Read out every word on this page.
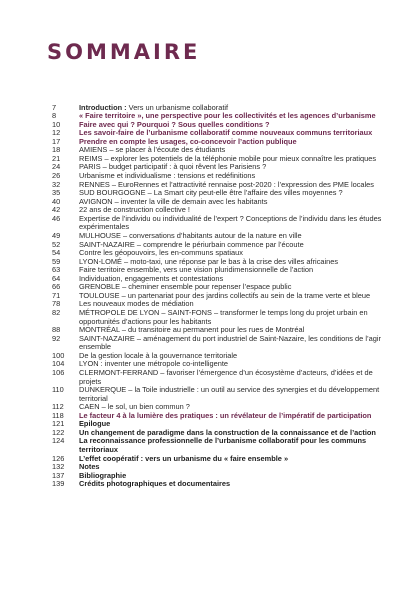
SOMMAIRE
7	Introduction : Vers un urbanisme collaboratif
8	« Faire territoire », une perspective pour les collectivités et les agences d’urbanisme
10	Faire avec qui ? Pourquoi ? Sous quelles conditions ?
12	Les savoir-faire de l’urbanisme collaboratif comme nouveaux communs territoriaux
17	Prendre en compte les usages, co-concevoir l’action publique
18	AMIENS – se placer à l’écoute des étudiants
21	REIMS – explorer les potentiels de la téléphonie mobile pour mieux connaître les pratiques
24	PARIS – budget participatif : à quoi rêvent les Parisiens ?
26	Urbanisme et individualisme : tensions et redéfinitions
32	RENNES – EuroRennes et l’attractivité rennaise post-2020 : l’expression des PME locales
35	SUD BOURGOGNE – La Smart city peut-elle être l’affaire des villes moyennes ?
40	AVIGNON – inventer la ville de demain avec les habitants
42	22 ans de construction collective !
46	Expertise de l’individu ou individualité de l’expert ? Conceptions de l’individu dans les études expérimentales
49	MULHOUSE – conversations d’habitants autour de la nature en ville
52	SAINT-NAZAIRE – comprendre le périurbain commence par l’écoute
54	Contre les géopouvoirs, les en-communs spatiaux
59	LYON-LOMÉ – moto-taxi, une réponse par le bas à la crise des villes africaines
63	Faire territoire ensemble, vers une vision pluridimensionnelle de l’action
64	Individuation, engagements et contestations
66	GRENOBLE – cheminer ensemble pour repenser l’espace public
71	TOULOUSE – un partenariat pour des jardins collectifs au sein de la trame verte et bleue
78	Les nouveaux modes de médiation
82	MÉTROPOLE DE LYON – SAINT-FONS – transformer le temps long du projet urbain en opportunités d’actions pour les habitants
88	MONTRÉAL – du transitoire au permanent pour les rues de Montréal
92	SAINT-NAZAIRE – aménagement du port industriel de Saint-Nazaire, les conditions de l’agir ensemble
100	De la gestion locale à la gouvernance territoriale
104	LYON : inventer une métropole co-intelligente
106	CLERMONT-FERRAND – favoriser l’émergence d’un écosystème d’acteurs, d’idées et de projets
110	DUNKERQUE – la Toile industrielle : un outil au service des synergies et du développement territorial
112	CAEN – le sol, un bien commun ?
118	Le facteur 4 à la lumière des pratiques : un révélateur de l’impératif de participation
121	Epilogue
122	Un changement de paradigme dans la construction de la connaissance et de l’action
124	La reconnaissance professionnelle de l’urbanisme collaboratif pour les communs territoriaux
126	L’effet coopératif : vers un urbanisme du « faire ensemble »
132	Notes
137	Bibliographie
139	Crédits photographiques et documentaires
